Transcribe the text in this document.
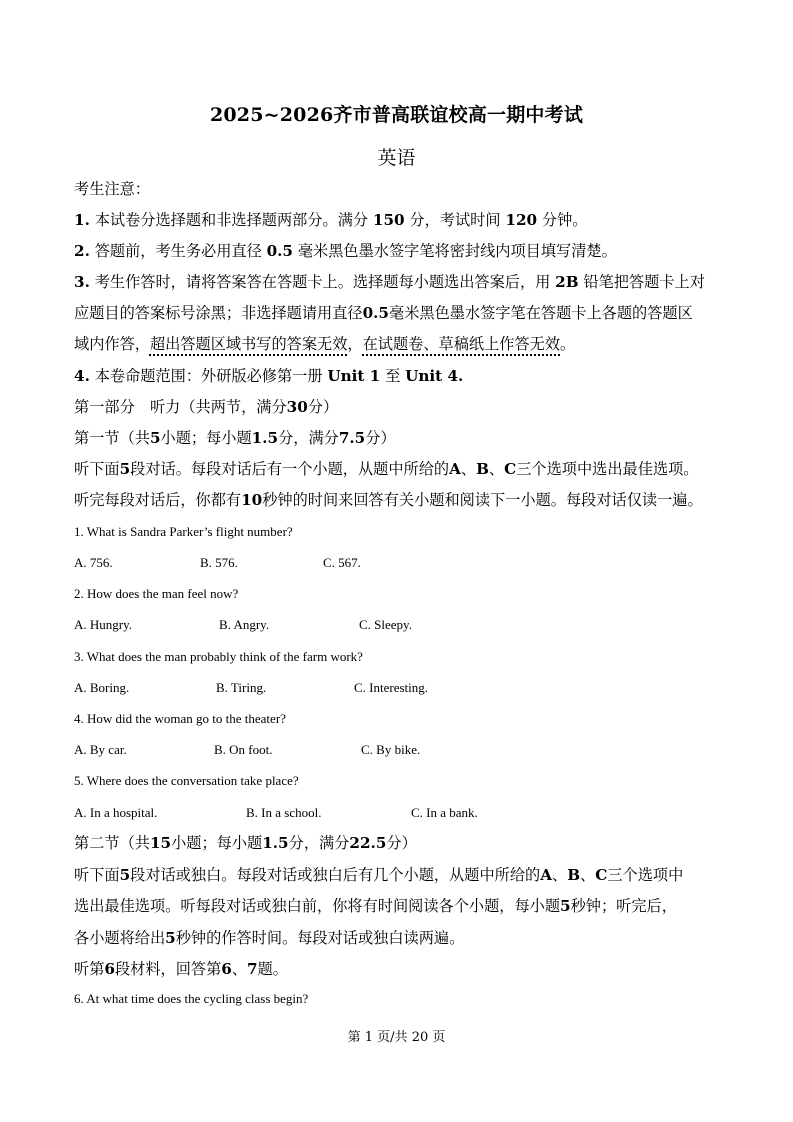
2025~2026齐市普高联谊校高一期中考试
英语
考生注意：
1. 本试卷分选择题和非选择题两部分。满分 150 分，考试时间 120 分钟。
2. 答题前，考生务必用直径 0.5 毫米黑色墨水签字笔将密封线内项目填写清楚。
3. 考生作答时，请将答案答在答题卡上。选择题每小题选出答案后，用 2B 铅笔把答题卡上对
应题目的答案标号涂黑；非选择题请用直径0.5毫米黑色墨水签字笔在答题卡上各题的答题区
域内作答，超出答题区域书写的答案无效，在试题卷、草稿纸上作答无效。
4. 本卷命题范围：外研版必修第一册 Unit 1 至 Unit 4.
第一部分　听力（共两节，满分30分）
第一节（共5小题；每小题1.5分，满分7.5分）
听下面5段对话。每段对话后有一个小题，从题中所给的A、B、C三个选项中选出最佳选项。
听完每段对话后，你都有10秒钟的时间来回答有关小题和阅读下一小题。每段对话仅读一遍。
1. What is Sandra Parker’s flight number?
A. 756.	B. 576.	C. 567.
2. How does the man feel now?
A. Hungry.	B. Angry.	C. Sleepy.
3. What does the man probably think of the farm work?
A. Boring.	B. Tiring.	C. Interesting.
4. How did the woman go to the theater?
A. By car.	B. On foot.	C. By bike.
5. Where does the conversation take place?
A. In a hospital.	B. In a school.	C. In a bank.
第二节（共15小题；每小题1.5分，满分22.5分）
听下面5段对话或独白。每段对话或独白后有几个小题，从题中所给的A、B、C三个选项中
选出最佳选项。听每段对话或独白前，你将有时间阅读各个小题，每小题5秒钟；听完后，
各小题将给出5秒钟的作答时间。每段对话或独白读两遍。
听第6段材料，回答第6、7题。
6. At what time does the cycling class begin?
第 1 页/共 20 页
